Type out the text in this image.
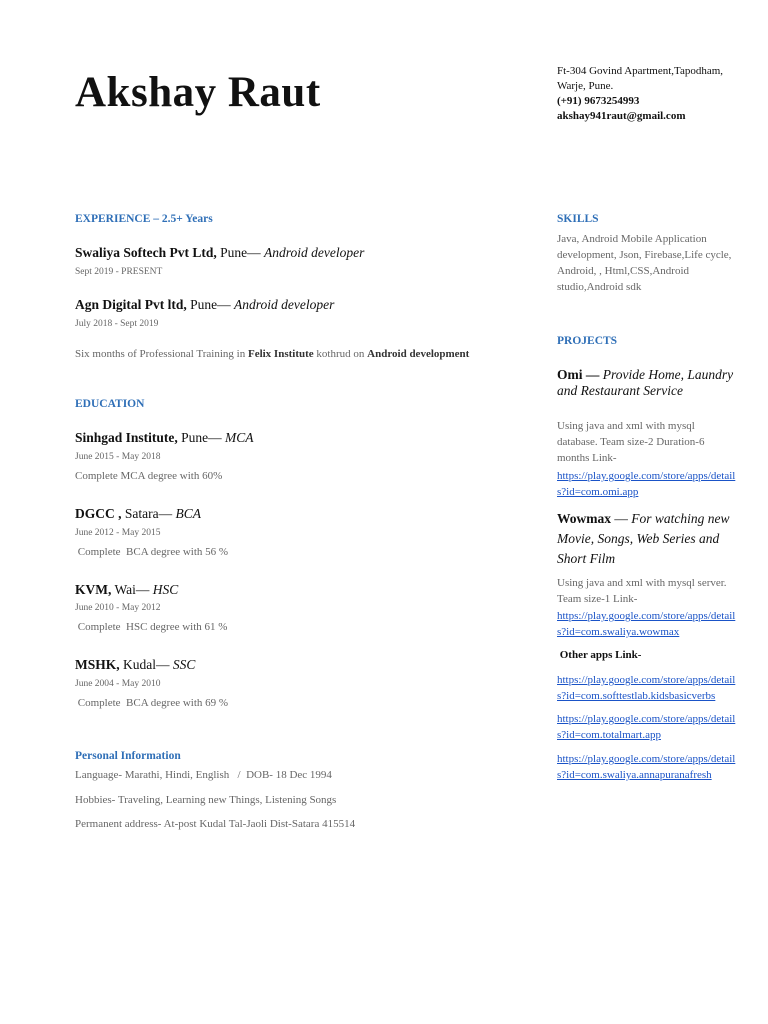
Akshay Raut	Ft-304 Govind Apartment,Tapodham,
Warje, Pune.
(+91) 9673254993
akshay941raut@gmail.com
EXPERIENCE – 2.5+ Years
Swaliya Softech Pvt Ltd, Pune— Android developer
Sept 2019 - PRESENT
Agn Digital Pvt ltd, Pune— Android developer
July 2018 - Sept 2019
Six months of Professional Training in Felix Institute kothrud on Android development
EDUCATION
Sinhgad Institute, Pune— MCA
June 2015 - May 2018
Complete MCA degree with 60%
DGCC , Satara— BCA
June 2012 - May 2015
Complete  BCA degree with 56 %
KVM, Wai— HSC
June 2010 - May 2012
Complete  HSC degree with 61 %
MSHK, Kudal— SSC
June 2004 - May 2010
Complete  BCA degree with 69 %
Personal Information
Language- Marathi, Hindi, English   /  DOB- 18 Dec 1994
Hobbies- Traveling, Learning new Things, Listening Songs
Permanent address- At-post Kudal Tal-Jaoli Dist-Satara 415514
SKILLS
Java, Android Mobile Application development, Json, Firebase,Life cycle, Android, , Html,CSS,Android studio,Android sdk
PROJECTS
Omi — Provide Home, Laundry and Restaurant Service
Using java and xml with mysql database. Team size-2 Duration-6 months Link-
https://play.google.com/store/apps/details?id=com.omi.app
Wowmax — For watching new Movie, Songs, Web Series and Short Film
Using java and xml with mysql server. Team size-1 Link-
https://play.google.com/store/apps/details?id=com.swaliya.wowmax
Other apps Link-
https://play.google.com/store/apps/details?id=com.softtestlab.kidsbasicverbs
https://play.google.com/store/apps/details?id=com.totalmart.app
https://play.google.com/store/apps/details?id=com.swaliya.annapuranafresh
